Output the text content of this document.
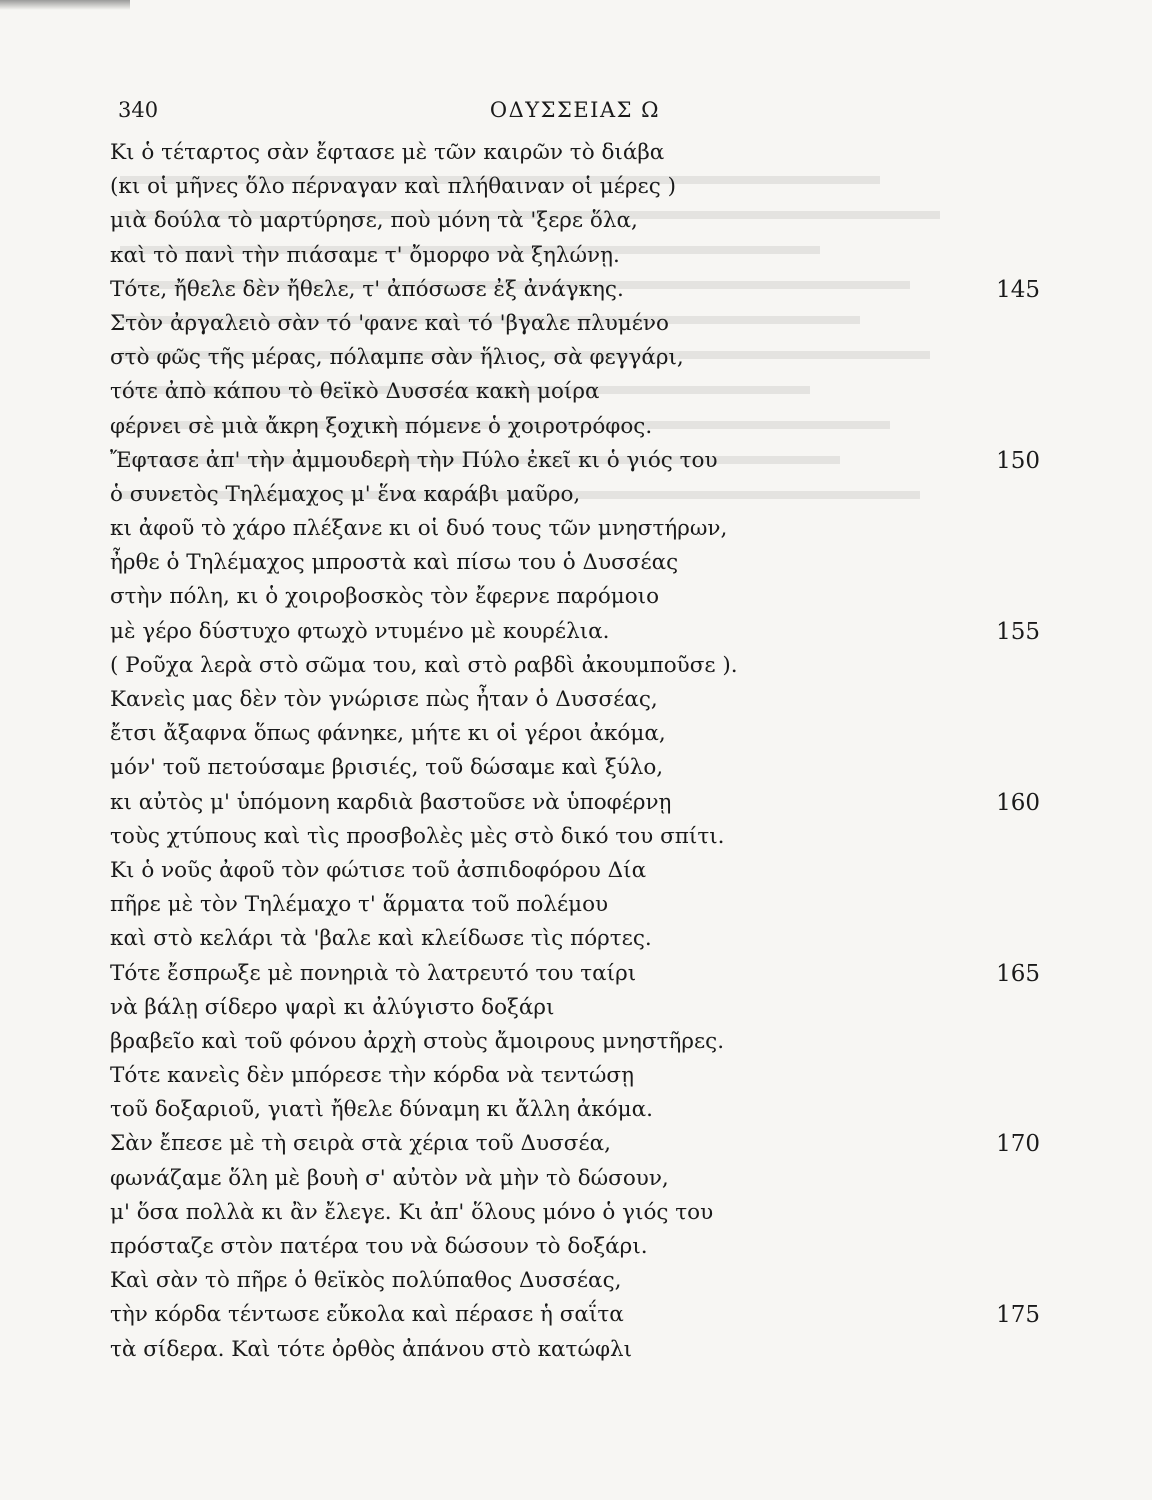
340	ΟΔΥΣΣΕΙΑΣ Ω
Κι ὁ τέταρτος σὰν ἔφτασε μὲ τῶν καιρῶν τὸ διάβα
(κι οἱ μῆνες ὅλο πέρναγαν καὶ πλήθαιναν οἱ μέρες )
μιὰ δούλα τὸ μαρτύρησε, ποὺ μόνη τὰ 'ξερε ὅλα,
καὶ τὸ πανὶ τὴν πιάσαμε τ' ὄμορφο νὰ ξηλώνῃ.
Τότε, ἤθελε δὲν ἤθελε, τ' ἀπόσωσε ἐξ ἀνάγκης.	145
Στὸν ἀργαλειὸ σὰν τό 'φανε καὶ τό 'βγαλε πλυμένο
στὸ φῶς τῆς μέρας, πόλαμπε σὰν ἥλιος, σὰ φεγγάρι,
τότε ἀπὸ κάπου τὸ θεϊκὸ Δυσσέα κακὴ μοίρα
φέρνει σὲ μιὰ ἄκρη ξοχικὴ πόμενε ὁ χοιροτρόφος.
Ἔφτασε ἀπ' τὴν ἀμμουδερὴ τὴν Πύλο ἐκεῖ κι ὁ γιός του	150
ὁ συνετὸς Τηλέμαχος μ' ἕνα καράβι μαῦρο,
κι ἀφοῦ τὸ χάρο πλέξανε κι οἱ δυό τους τῶν μνηστήρων,
ἦρθε ὁ Τηλέμαχος μπροστὰ καὶ πίσω του ὁ Δυσσέας
στὴν πόλη, κι ὁ χοιροβοσκὸς τὸν ἔφερνε παρόμοιο
μὲ γέρο δύστυχο φτωχὸ ντυμένο μὲ κουρέλια.	155
( Ροῦχα λερὰ στὸ σῶμα του, καὶ στὸ ραβδὶ ἀκουμποῦσε ).
Κανεὶς μας δὲν τὸν γνώρισε πὼς ἦταν ὁ Δυσσέας,
ἔτσι ἄξαφνα ὅπως φάνηκε, μήτε κι οἱ γέροι ἀκόμα,
μόν' τοῦ πετούσαμε βρισιές, τοῦ δώσαμε καὶ ξύλο,
κι αὐτὸς μ' ὑπόμονη καρδιὰ βαστοῦσε νὰ ὑποφέρνῃ	160
τοὺς χτύπους καὶ τὶς προσβολὲς μὲς στὸ δικό του σπίτι.
Κι ὁ νοῦς ἀφοῦ τὸν φώτισε τοῦ ἀσπιδοφόρου Δία
πῆρε μὲ τὸν Τηλέμαχο τ' ἅρματα τοῦ πολέμου
καὶ στὸ κελάρι τὰ 'βαλε καὶ κλείδωσε τὶς πόρτες.
Τότε ἔσπρωξε μὲ πονηριὰ τὸ λατρευτό του ταίρι	165
νὰ βάλῃ σίδερο ψαρὶ κι ἀλύγιστο δοξάρι
βραβεῖο καὶ τοῦ φόνου ἀρχὴ στοὺς ἄμοιρους μνηστῆρες.
Τότε κανεὶς δὲν μπόρεσε τὴν κόρδα νὰ τεντώσῃ
τοῦ δοξαριοῦ, γιατὶ ἤθελε δύναμη κι ἄλλη ἀκόμα.
Σὰν ἔπεσε μὲ τὴ σειρὰ στὰ χέρια τοῦ Δυσσέα,	170
φωνάζαμε ὅλη μὲ βουὴ σ' αὐτὸν νὰ μὴν τὸ δώσουν,
μ' ὅσα πολλὰ κι ἂν ἔλεγε. Κι ἀπ' ὅλους μόνο ὁ γιός του
πρόσταζε στὸν πατέρα του νὰ δώσουν τὸ δοξάρι.
Καὶ σὰν τὸ πῆρε ὁ θεϊκὸς πολύπαθος Δυσσέας,
τὴν κόρδα τέντωσε εὔκολα καὶ πέρασε ἡ σαΐτα	175
τὰ σίδερα. Καὶ τότε ὀρθὸς ἀπάνου στὸ κατώφλι
